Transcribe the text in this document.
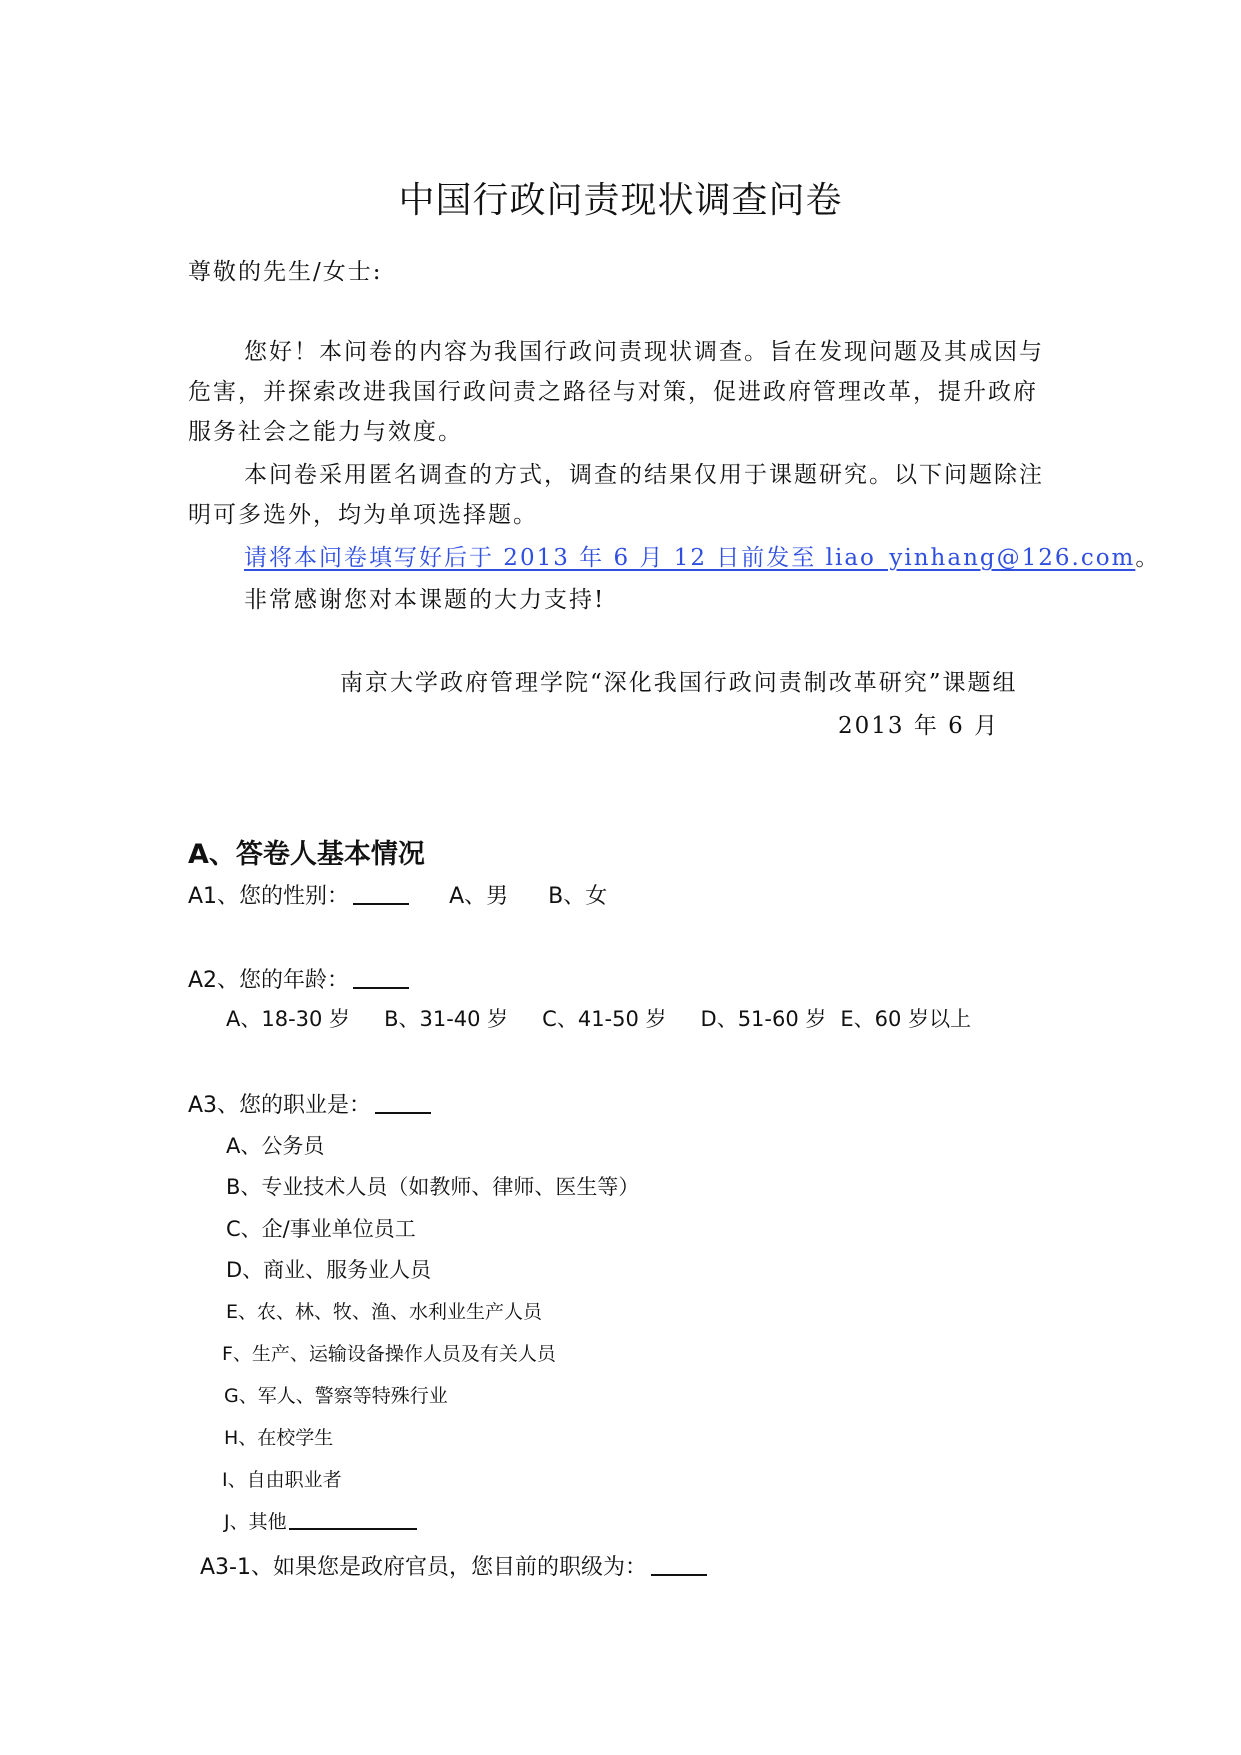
中国行政问责现状调查问卷
尊敬的先生/女士:
您好！本问卷的内容为我国行政问责现状调查。旨在发现问题及其成因与危害，并探索改进我国行政问责之路径与对策，促进政府管理改革，提升政府服务社会之能力与效度。
本问卷采用匿名调查的方式，调查的结果仅用于课题研究。以下问题除注明可多选外，均为单项选择题。
请将本问卷填写好后于 2013 年 6 月 12 日前发至 liao_yinhang@126.com。
非常感谢您对本课题的大力支持!
南京大学政府管理学院“深化我国行政问责制改革研究”课题组
2013 年 6 月
A、答卷人基本情况
A1、您的性别：	A、男 B、女
A2、您的年龄：
A、18-30 岁 B、31-40 岁 C、41-50 岁 D、51-60 岁 E、60 岁以上
A3、您的职业是：
A、公务员
B、专业技术人员（如教师、律师、医生等）
C、企/事业单位员工
D、商业、服务业人员
E、农、林、牧、渔、水利业生产人员
F、生产、运输设备操作人员及有关人员
G、军人、警察等特殊行业
H、在校学生
I、自由职业者
J、其他
A3-1、如果您是政府官员，您目前的职级为：
